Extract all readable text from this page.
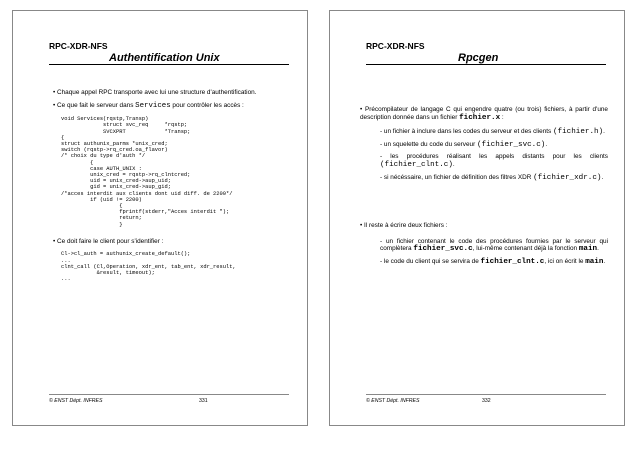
RPC-XDR-NFS
Authentification Unix

• Chaque appel RPC transporte avec lui une structure d'authentification.

• Ce que fait le serveur dans Services pour contrôler les accès :

void Services(rqstp,Transp)
struct svc_req     *rqstp;
SVCXPRT            *Transp;
{
struct authunix_parms *unix_cred;
switch (rqstp->rq_cred.oa_flavor)
/* choix du type d'auth */
{
case AUTH_UNIX :
unix_cred = rqstp->rq_clntcred;
uid = unix_cred->aup_uid;
gid = unix_cred->aup_gid;
/*acces interdit aux clients dont uid diff. de 2200*/
if (uid != 2200)
{
fprintf(stderr,"Acces interdit ");
return;
}

• Ce doit faire le client pour s'identifier :

Cl->cl_auth = authunix_create_default();
...
clnt_call (Cl,Operation, xdr_ent, tab_ent, xdr_result,
&result, timeout);
...
© ENST Dépt. INFRES	331
RPC-XDR-NFS
Rpcgen

• Précompilateur de langage C qui engendre quatre (ou trois) fichiers, à partir d'une description donnée dans un fichier fichier.x :

- un fichier à inclure dans les codes du serveur et des clients (fichier.h).

- un squelette du code du serveur (fichier_svc.c).

- les procédures réalisant les appels distants pour les clients (fichier_clnt.c).

- si nécéssaire, un fichier de définition des filtres XDR (fichier_xdr.c).

• Il reste à écrire deux fichiers :

- un fichier contenant le code des procédures fournies par le serveur qui complètera fichier_svc.c, lui-même contenant déjà la fonction main.

- le code du client qui se servira de fichier_clnt.c, ici on écrit le main.

© ENST Dépt. INFRES	332
